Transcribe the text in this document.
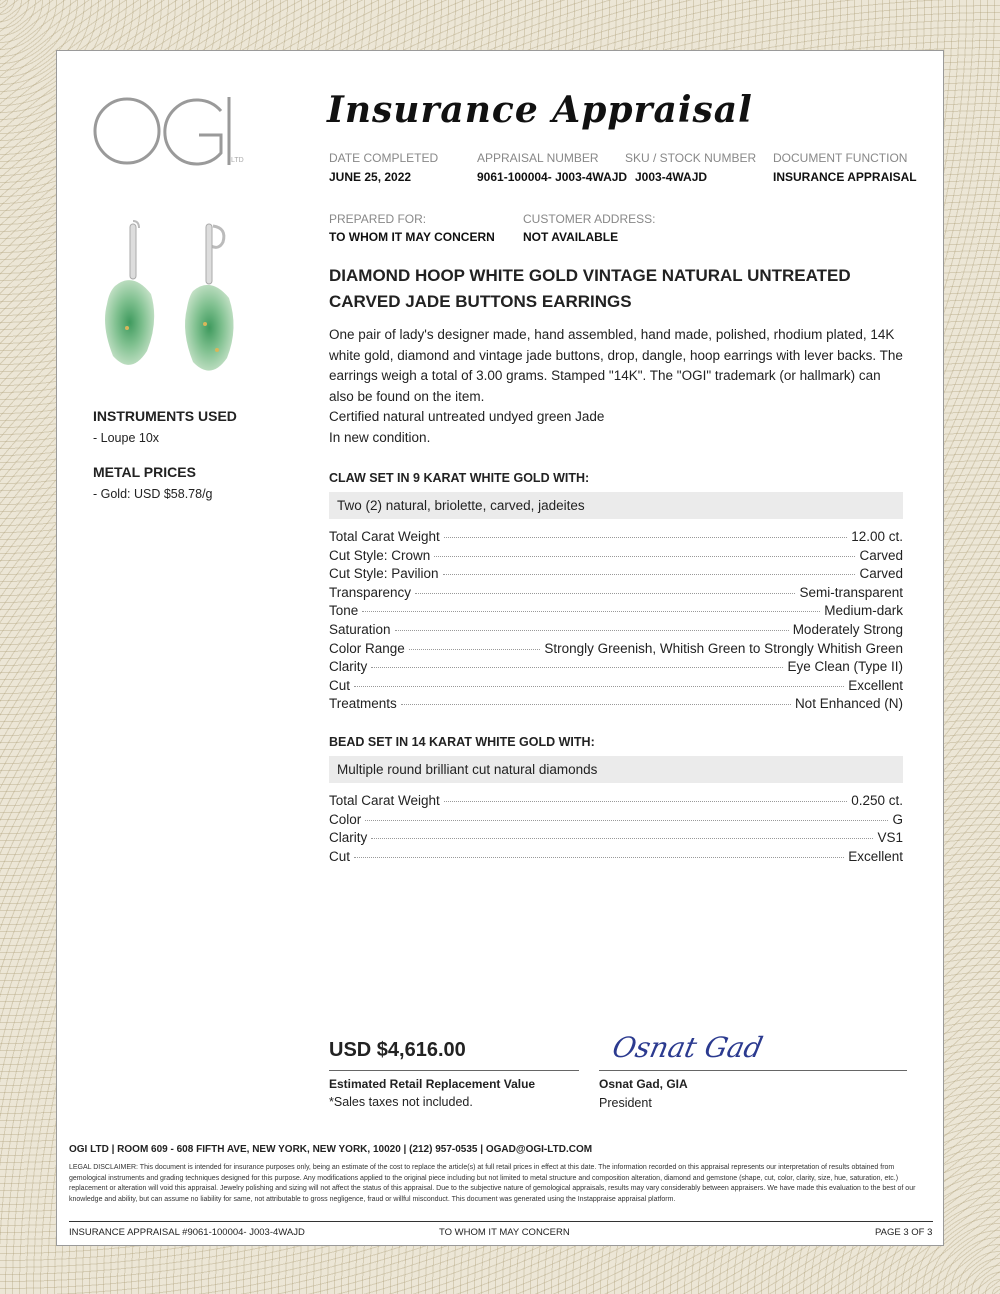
LTD
Insurance Appraisal
DATE COMPLETED
JUNE 25, 2022
APPRAISAL NUMBER
9061-100004- J003-4WAJD
SKU / STOCK NUMBER
J003-4WAJD
DOCUMENT FUNCTION
INSURANCE APPRAISAL
PREPARED FOR:
TO WHOM IT MAY CONCERN
CUSTOMER ADDRESS:
NOT AVAILABLE
INSTRUMENTS USED
- Loupe 10x
METAL PRICES
- Gold: USD $58.78/g
DIAMOND HOOP WHITE GOLD VINTAGE NATURAL UNTREATED
CARVED JADE BUTTONS EARRINGS
One pair of lady's designer made, hand assembled, hand made, polished, rhodium plated, 14K white gold, diamond and vintage jade buttons, drop, dangle, hoop earrings with lever backs. The earrings weigh a total of 3.00 grams. Stamped "14K". The "OGI" trademark (or hallmark) can also be found on the item.
Certified natural untreated undyed green Jade
In new condition.
CLAW SET IN 9 KARAT WHITE GOLD WITH:
Two (2) natural, briolette, carved, jadeites
Total Carat Weight	12.00 ct.
Cut Style: Crown	Carved
Cut Style: Pavilion	Carved
Transparency	Semi-transparent
Tone	Medium-dark
Saturation	Moderately Strong
Color Range	Strongly Greenish, Whitish Green to Strongly Whitish Green
Clarity	Eye Clean (Type II)
Cut	Excellent
Treatments	Not Enhanced (N)
BEAD SET IN 14 KARAT WHITE GOLD WITH:
Multiple round brilliant cut natural diamonds
Total Carat Weight	0.250 ct.
Color	G
Clarity	VS1
Cut	Excellent
USD $4,616.00
Estimated Retail Replacement Value
*Sales taxes not included.
Osnat Gad
Osnat Gad, GIA
President
OGI LTD | ROOM 609 - 608 FIFTH AVE, NEW YORK, NEW YORK, 10020 | (212) 957-0535 | OGAD@OGI-LTD.COM
LEGAL DISCLAIMER: This document is intended for insurance purposes only, being an estimate of the cost to replace the article(s) at full retail prices in effect at this date. The information recorded on this appraisal represents our interpretation of results obtained from gemological instruments and grading techniques designed for this purpose. Any modifications applied to the original piece including but not limited to metal structure and composition alteration, diamond and gemstone (shape, cut, color, clarity, size, hue, saturation, etc.) replacement or alteration will void this appraisal. Jewelry polishing and sizing will not affect the status of this appraisal. Due to the subjective nature of gemological appraisals, results may vary considerably between appraisers. We have made this evaluation to the best of our knowledge and ability, but can assume no liability for same, not attributable to gross negligence, fraud or willful misconduct. This document was generated using the Instappraise appraisal platform.
INSURANCE APPRAISAL #9061-100004- J003-4WAJD	TO WHOM IT MAY CONCERN	PAGE 3 OF 3
